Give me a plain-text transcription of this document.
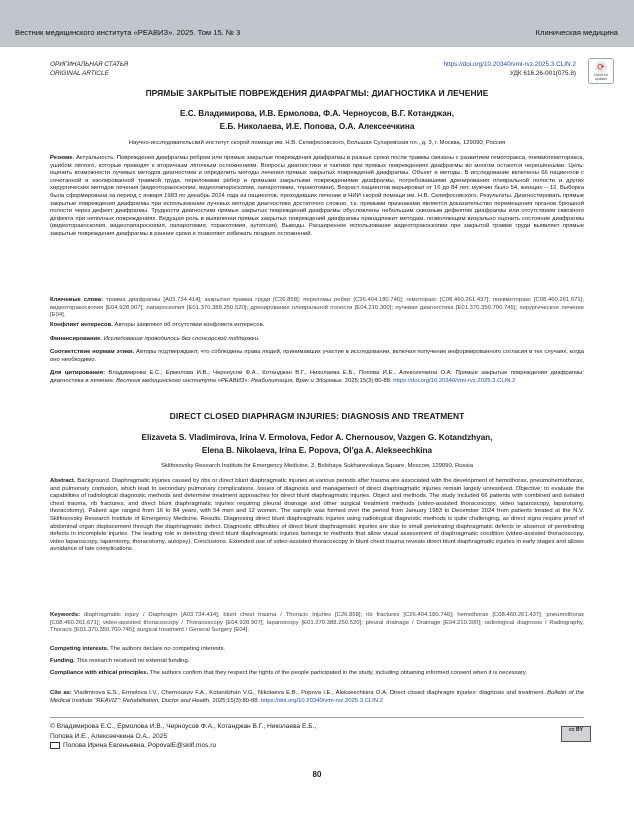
Вестник медицинского института «РЕАВИЗ». 2025. Том 15. № 3	Клиническая медицина
ОРИГИНАЛЬНАЯ СТАТЬЯ
ORIGINAL ARTICLE
https://doi.org/10.20340/vmi-rvz.2025.3.CLIN.2
УДК 616.26-001(075.8)
⟳
Check for updates
ПРЯМЫЕ ЗАКРЫТЫЕ ПОВРЕЖДЕНИЯ ДИАФРАГМЫ: ДИАГНОСТИКА И ЛЕЧЕНИЕ
Е.С. Владимирова, И.В. Ермолова, Ф.А. Черноусов, В.Г. Котанджан,
Е.Б. Николаева, И.Е. Попова, О.А. Алексеечкина
Научно-исследовательский институт скорой помощи им. Н.В. Склифосовского, Большая Сухаревская пл., д. 3, г. Москва, 129090, Россия
Резюме. Актуальность. Повреждения диафрагмы ребром или прямые закрытые повреждения диафрагмы в разные сроки после травмы связаны с развитием гемоторакса, пневмогемоторакса, ушибом лёгкого, которые приводят к вторичным лёгочным осложнениям. Вопросы диагностики и тактики при прямых повреждениях диафрагмы во многом остаются нерешёнными. Цель: оценить возможности лучевых методов диагностики и определить методы лечения прямых закрытых повреждений диафрагмы. Объект и методы. В исследование включены 66 пациентов с сочетанной и изолированной травмой груди, переломами рёбер и прямыми закрытыми повреждениями диафрагмы, потребовавшими дренирования плевральной полости и других хирургических методов лечения (видеоторакоскопии, видеолапароскопии, лапаротомии, торакотомии). Возраст пациентов варьировал от 16 до 84 лет, мужчин было 54, женщин – 12. Выборка была сформирована за период с января 1983 по декабрь 2024 года из пациентов, проходивших лечение в НИИ скорой помощи им. Н.В. Склифосовского. Результаты. Диагностировать прямые закрытые повреждения диафрагмы при использовании лучевых методов диагностики достаточно сложно, т.к. прямыми признаками является доказательство перемещения органов брюшной полости через дефект диафрагмы. Трудности диагностики прямых закрытых повреждений диафрагмы обусловлены небольшим сквозным дефектом диафрагмы или отсутствием сквозного дефекта при неполных повреждениях. Ведущая роль в выявлении прямых закрытых повреждений диафрагмы принадлежит методам, позволяющим визуально оценить состояние диафрагмы (видеоторакоскопия, видеолапароскопия, лапаротомия, торакотомия, аутопсия). Выводы. Расширенное использование видеоторакоскопии при закрытой травме груди выявляет прямые закрытые повреждения диафрагмы в ранние сроки и позволяет избежать поздних осложнений.
Ключевые слова: травма диафрагмы [A03.734.414]; закрытая травма груди [C26.858]; переломы ребер [C26.404.180.746]; гемоторакс [C08.460.261.437]; пневмоторакс [C08.460.261.671]; видеоторакоскопия [E04.928.907]; лапароскопия [E01.370.388.250.520]; дренирование плевральной полости [E04.210.300]; лучевая диагностика [E01.370.350.700.745]; хирургическое лечение [E04].
Конфликт интересов. Авторы заявляют об отсутствии конфликта интересов.
Финансирование. Исследование проводилось без спонсорской поддержки.
Соответствие нормам этики. Авторы подтверждают, что соблюдены права людей, принимавших участие в исследовании, включая получение информированного согласия в тех случаях, когда оно необходимо.
Для цитирования: Владимирова Е.С., Ермолова И.В., Черноусов Ф.А., Котанджан В.Г., Николаева Е.Б., Попова И.Е., Алексеечкина О.А. Прямые закрытые повреждения диафрагмы: диагностика и лечение. Вестник медицинского института «РЕАВИЗ»: Реабилитация, Врач и Здоровье. 2025;15(3):80-88. https://doi.org/10.20340/vmi-rvz.2025.3.CLIN.2
DIRECT CLOSED DIAPHRAGM INJURIES: DIAGNOSIS AND TREATMENT
Elizaveta S. Vladimirova, Irina V. Ermolova, Fedor A. Chernousov, Vazgen G. Kotandzhyan,
Elena B. Nikolaeva, Irina E. Popova, Ol'ga A. Alekseechkina
Sklifosovsky Research Institute for Emergency Medicine, 3, Bolshaya Sukharevskaya Square, Moscow, 129090, Russia
Abstract. Background. Diaphragmatic injuries caused by ribs or direct blunt diaphragmatic injuries at various periods after trauma are associated with the development of hemothorax, pneumohemothorax, and pulmonary contusion, which lead to secondary pulmonary complications. Issues of diagnosis and management of direct diaphragmatic injuries remain largely unresolved. Objective: to evaluate the capabilities of radiological diagnostic methods and determine treatment approaches for direct blunt diaphragmatic injuries. Object and methods. The study included 66 patients with combined and isolated chest trauma, rib fractures, and direct blunt diaphragmatic injuries requiring pleural drainage and other surgical treatment methods (video-assisted thoracoscopy, video laparoscopy, laparotomy, thoracotomy). Patient age ranged from 16 to 84 years, with 54 men and 12 women. The sample was formed over the period from January 1983 to December 2024 from patients treated at the N.V. Sklifosovsky Research Institute of Emergency Medicine. Results. Diagnosing direct blunt diaphragmatic injuries using radiological diagnostic methods is quite challenging, as direct signs require proof of abdominal organ displacement through the diaphragmatic defect. Diagnostic difficulties of direct blunt diaphragmatic injuries are due to small penetrating diaphragmatic defects or absence of penetrating defects in incomplete injuries. The leading role in detecting direct blunt diaphragmatic injuries belongs to methods that allow visual assessment of diaphragmatic condition (video-assisted thoracoscopy, video laparoscopy, laparotomy, thoracotomy, autopsy). Conclusions. Extended use of video-assisted thoracoscopy in blunt chest trauma reveals direct blunt diaphragmatic injuries in early stages and allows avoidance of late complications.
Keywords: diaphragmatic injury / Diaphragm [A03.734.414]; blunt chest trauma / Thoracic Injuries [C26.858]; rib fractures [C26.404.180.746]; hemothorax [C08.460.261.437]; pneumothorax [C08.460.261.671]; video-assisted thoracoscopy / Thoracoscopy [E04.928.907]; laparoscopy [E01.370.388.250.520]; pleural drainage / Drainage [E04.210.300]; radiological diagnosis / Radiography, Thoracic [E01.370.350.700.745]; surgical treatment / General Surgery [E04].
Competing interests. The authors declare no competing interests.
Funding. This research received no external funding.
Compliance with ethical principles. The authors confirm that they respect the rights of the people participated in the study, including obtaining informed consent when it is necessary.
Cite as: Vladimirova E.S., Ermolova I.V., Chernousov F.A., Kotandzhan V.G., Nikolaeva E.B., Popova I.E., Alekseechkina O.A. Direct closed diaphragm injuries: diagnosis and treatment. Bulletin of the Medical Institute "REAVIZ": Rehabilitation, Doctor and Health. 2025;15(3):80-88. https://doi.org/10.20340/vmi-rvz.2025.3.CLIN.2
© Владимирова Е.С., Ермолова И.В., Черноусов Ф.А., Котанджан В.Г., Николаева Е.Б.,
Попова И.Е., Алексеечкина О.А., 2025
Попова Ирина Евгеньевна, PopovalE@sklif.mos.ru
cc BY
80
